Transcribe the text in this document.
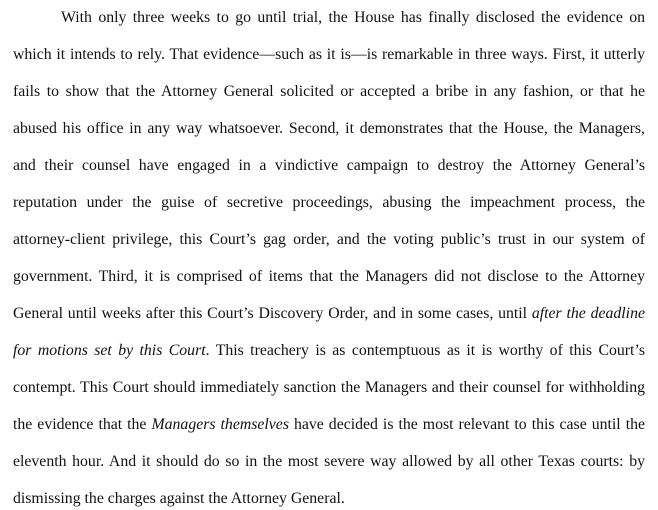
With only three weeks to go until trial, the House has finally disclosed the evidence on
which it intends to rely. That evidence—such as it is—is remarkable in three ways. First, it utterly
fails to show that the Attorney General solicited or accepted a bribe in any fashion, or that he
abused his office in any way whatsoever. Second, it demonstrates that the House, the Managers,
and their counsel have engaged in a vindictive campaign to destroy the Attorney General’s
reputation under the guise of secretive proceedings, abusing the impeachment process, the
attorney-client privilege, this Court’s gag order, and the voting public’s trust in our system of
government. Third, it is comprised of items that the Managers did not disclose to the Attorney
General until weeks after this Court’s Discovery Order, and in some cases, until after the deadline
for motions set by this Court. This treachery is as contemptuous as it is worthy of this Court’s
contempt. This Court should immediately sanction the Managers and their counsel for withholding
the evidence that the Managers themselves have decided is the most relevant to this case until the
eleventh hour. And it should do so in the most severe way allowed by all other Texas courts: by
dismissing the charges against the Attorney General.
